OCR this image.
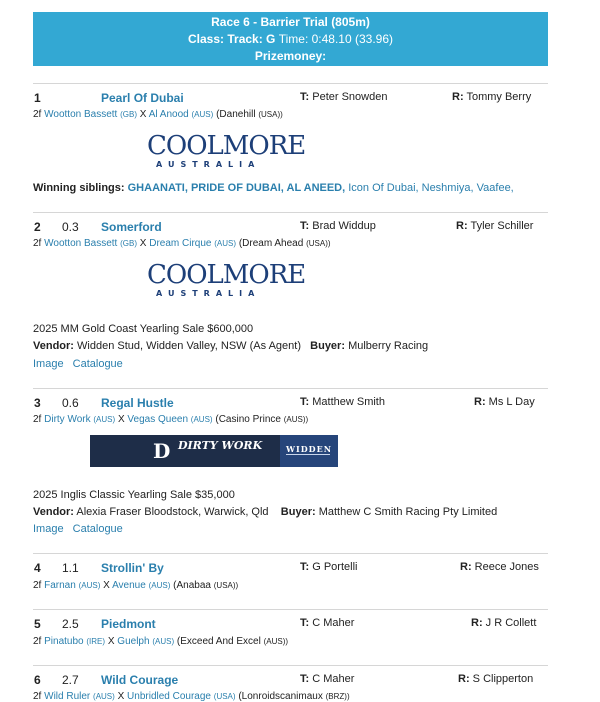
Race 6 - Barrier Trial (805m)
Class: Track: G Time: 0:48.10 (33.96)
Prizemoney:
1	Pearl Of Dubai	T: Peter Snowden	R: Tommy Berry
2f Wootton Bassett (GB) X Al Anood (AUS) (Danehill (USA))
COOLMORE
AUSTRALIA
Winning siblings: GHAANATI, PRIDE OF DUBAI, AL ANEED, Icon Of Dubai, Neshmiya, Vaafee,
2 0.3 Somerford	T: Brad Widdup	R: Tyler Schiller
2f Wootton Bassett (GB) X Dream Cirque (AUS) (Dream Ahead (USA))
COOLMORE
AUSTRALIA
2025 MM Gold Coast Yearling Sale $600,000
Vendor: Widden Stud, Widden Valley, NSW (As Agent) Buyer: Mulberry Racing
Image Catalogue
3 0.6 Regal Hustle	T: Matthew Smith	R: Ms L Day
2f Dirty Work (AUS) X Vegas Queen (AUS) (Casino Prince (AUS))
D DIRTY WORK	WIDDEN
2025 Inglis Classic Yearling Sale $35,000
Vendor: Alexia Fraser Bloodstock, Warwick, Qld Buyer: Matthew C Smith Racing Pty Limited
Image Catalogue
4 1.1 Strollin' By	T: G Portelli	R: Reece Jones
2f Farnan (AUS) X Avenue (AUS) (Anabaa (USA))
5 2.5 Piedmont	T: C Maher	R: J R Collett
2f Pinatubo (IRE) X Guelph (AUS) (Exceed And Excel (AUS))
6 2.7 Wild Courage	T: C Maher	R: S Clipperton
2f Wild Ruler (AUS) X Unbridled Courage (USA) (Lonroidscanimaux (BRZ))
